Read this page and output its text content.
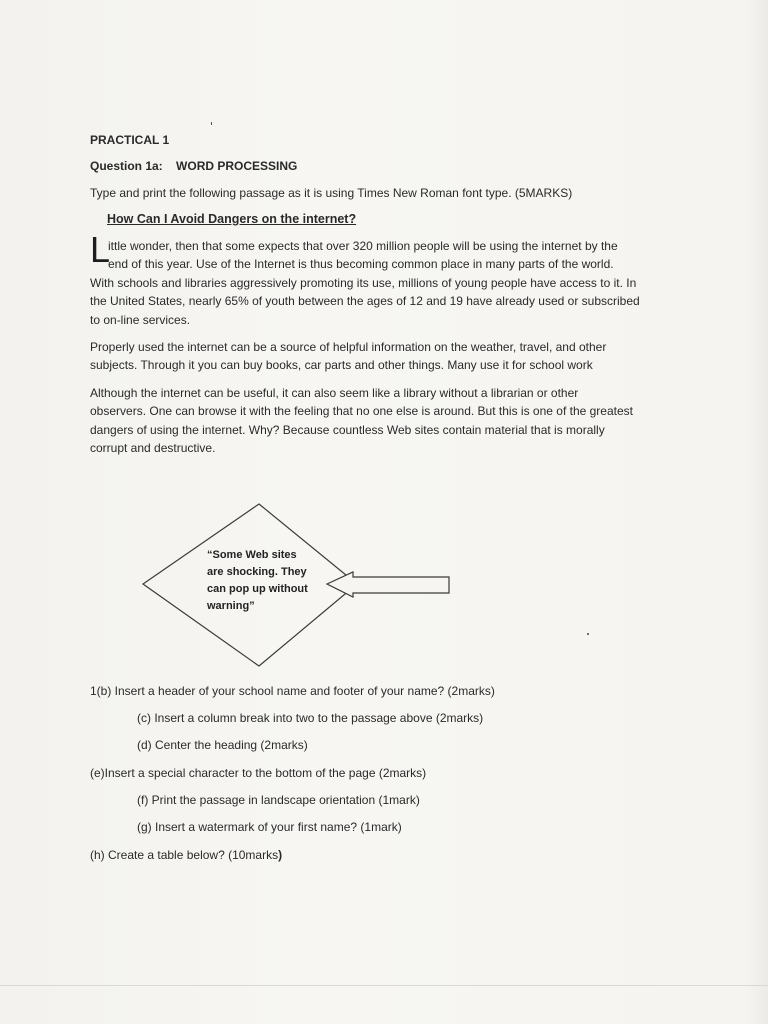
PRACTICAL 1
Question 1a: WORD PROCESSING
Type and print the following passage as it is using Times New Roman font type. (5MARKS)
How Can I Avoid Dangers on the internet?
L
ittle wonder, then that some expects that over 320 million people will be using the internet by the
end of this year. Use of the Internet is thus becoming common place in many parts of the world.
With schools and libraries aggressively promoting its use, millions of young people have access to it. In
the United States, nearly 65% of youth between the ages of 12 and 19 have already used or subscribed
to on-line services.
Properly used the internet can be a source of helpful information on the weather, travel, and other
subjects. Through it you can buy books, car parts and other things. Many use it for school work
Although the internet can be useful, it can also seem like a library without a librarian or other
observers. One can browse it with the feeling that no one else is around. But this is one of the greatest
dangers of using the internet. Why? Because countless Web sites contain material that is morally
corrupt and destructive.
“Some Web sites
are shocking. They
can pop up without
warning”
1(b) Insert a header of your school name and footer of your name? (2marks)
(c) Insert a column break into two to the passage above (2marks)
(d) Center the heading (2marks)
(e)Insert a special character to the bottom of the page (2marks)
(f) Print the passage in landscape orientation (1mark)
(g) Insert a watermark of your first name? (1mark)
(h) Create a table below? (10marks)
